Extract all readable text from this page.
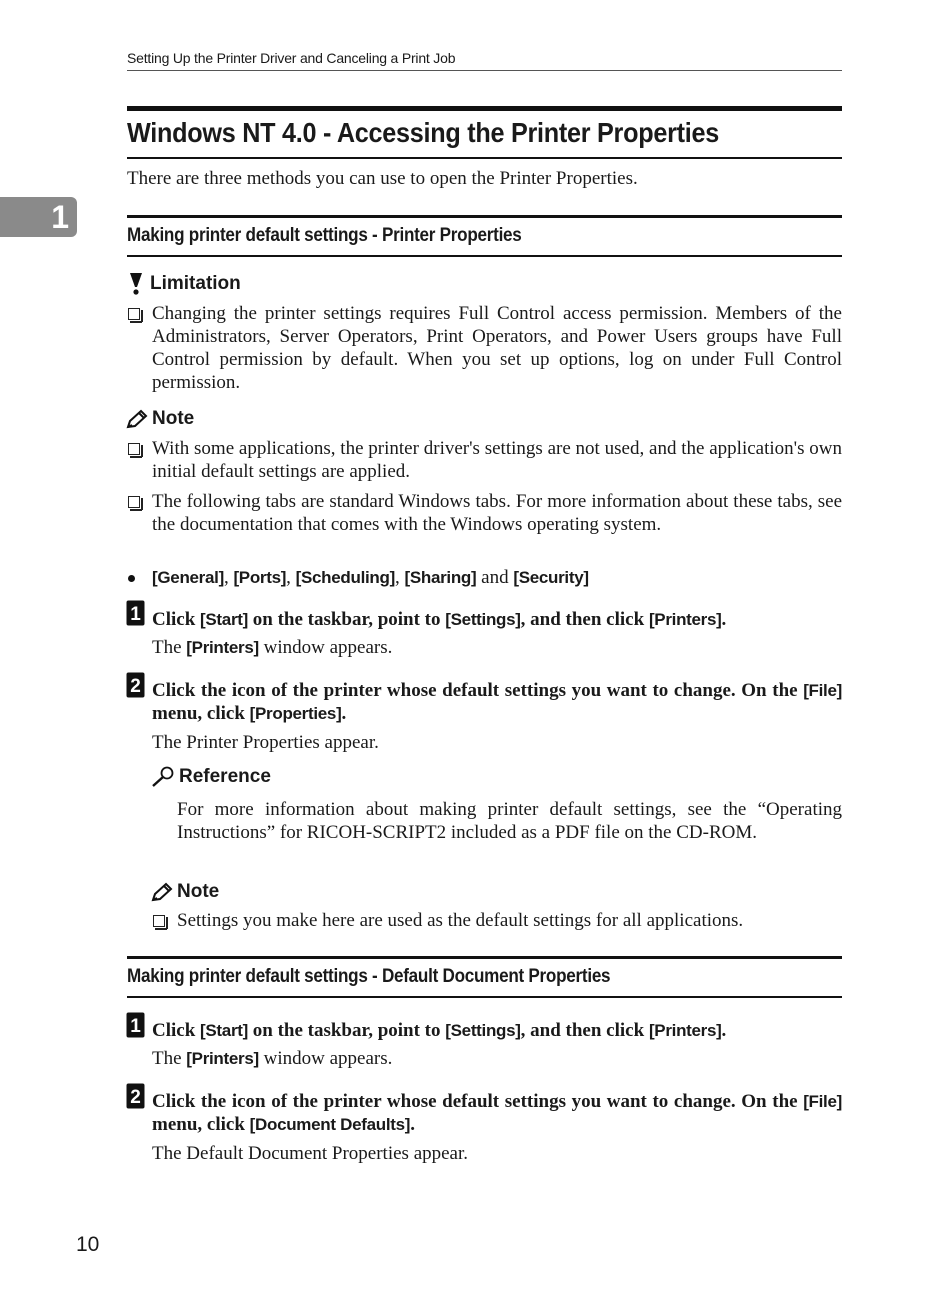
Setting Up the Printer Driver and Canceling a Print Job
1
Windows NT 4.0 - Accessing the Printer Properties
There are three methods you can use to open the Printer Properties.
Making printer default settings - Printer Properties
Limitation
Changing the printer settings requires Full Control access permission. Members of the Administrators, Server Operators, Print Operators, and Power Users groups have Full Control permission by default. When you set up options, log on under Full Control permission.
Note
With some applications, the printer driver's settings are not used, and the application's own initial default settings are applied.
The following tabs are standard Windows tabs. For more information about these tabs, see the documentation that comes with the Windows operating system.
[General], [Ports], [Scheduling], [Sharing] and [Security]
1 Click [Start] on the taskbar, point to [Settings], and then click [Printers].
The [Printers] window appears.
2 Click the icon of the printer whose default settings you want to change. On the [File] menu, click [Properties].
The Printer Properties appear.
Reference
For more information about making printer default settings, see the “Operating Instructions” for RICOH-SCRIPT2 included as a PDF file on the CD-ROM.
Note
Settings you make here are used as the default settings for all applications.
Making printer default settings - Default Document Properties
1 Click [Start] on the taskbar, point to [Settings], and then click [Printers].
The [Printers] window appears.
2 Click the icon of the printer whose default settings you want to change. On the [File] menu, click [Document Defaults].
The Default Document Properties appear.
10
